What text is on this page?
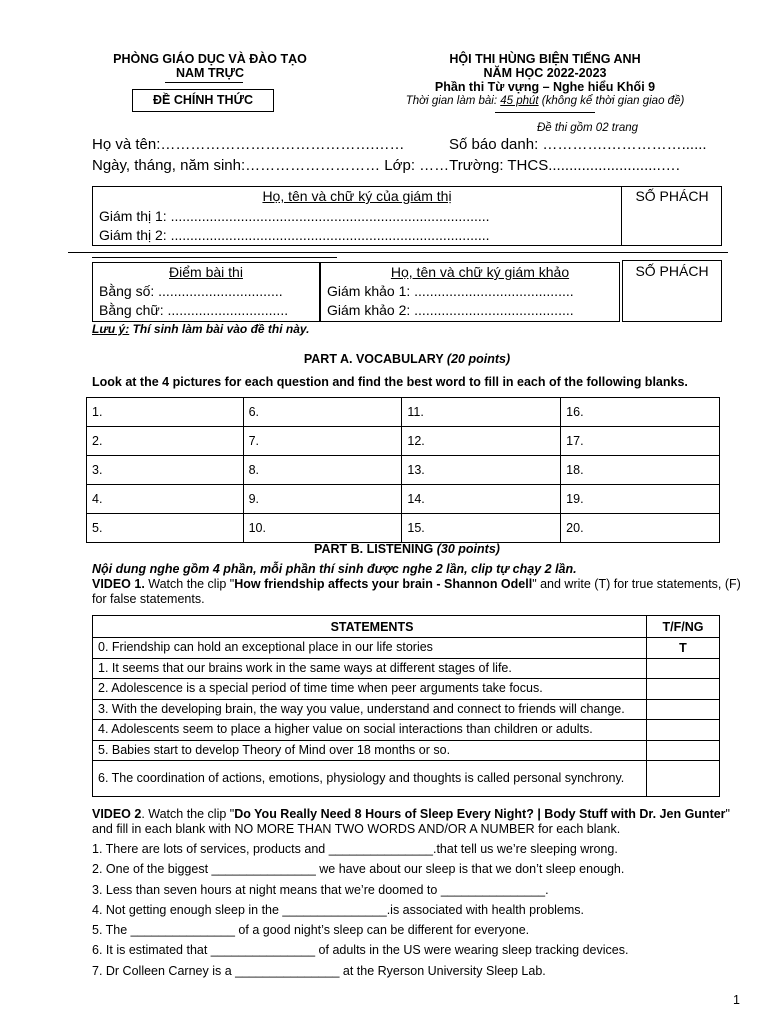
PHÒNG GIÁO DỤC VÀ ĐÀO TẠO
NAM TRỰC
ĐỀ CHÍNH THỨC
HỘI THI HÙNG BIỆN TIẾNG ANH
NĂM HỌC 2022-2023
Phần thi Từ vựng – Nghe hiểu Khối 9
Thời gian làm bài: 45 phút (không kể thời gian giao đề)
Đề thi gồm 02 trang
Họ và tên:…………………………………….……	Số báo danh: ………….……………......
Ngày, tháng, năm sinh:……………………… Lớp: ……Trường: THCS...........................….
Họ, tên và chữ ký của giám thị	SỐ PHÁCH
Giám thị 1: ..................................................................................
Giám thị 2: ..................................................................................
Điểm bài thi
Bằng số: ................................
Bằng chữ: ...............................
Họ, tên và chữ ký giám khảo
Giám khảo 1: .........................................
Giám khảo 2: .........................................
SỐ PHÁCH
Lưu ý: Thí sinh làm bài vào đề thi này.
PART A. VOCABULARY (20 points)
Look at the 4 pictures for each question and find the best word to fill in each of the following blanks.
1.	6.	11.	16.
2.	7.	12.	17.
3.	8.	13.	18.
4.	9.	14.	19.
5.	10.	15.	20.
PART B. LISTENING (30 points)
Nội dung nghe gồm 4 phần, mỗi phần thí sinh được nghe 2 lần, clip tự chạy 2 lần.
VIDEO 1. Watch the clip "How friendship affects your brain - Shannon Odell" and write (T) for true statements, (F) for false statements.
STATEMENTS	T/F/NG
0. Friendship can hold an exceptional place in our life stories	T
1. It seems that our brains work in the same ways at different stages of life.	
2. Adolescence is a special period of time time when peer arguments take focus.	
3. With the developing brain, the way you value, understand and connect to friends will change.	
4. Adolescents seem to place a higher value on social interactions than children or adults.	
5. Babies start to develop Theory of Mind over 18 months or so.	
6. The coordination of actions, emotions, physiology and thoughts is called personal synchrony.	
VIDEO 2. Watch the clip "Do You Really Need 8 Hours of Sleep Every Night? | Body Stuff with Dr. Jen Gunter" and fill in each blank with NO MORE THAN TWO WORDS AND/OR A NUMBER for each blank.
1. There are lots of services, products and _______________.that tell us we’re sleeping wrong.
2. One of the biggest _______________ we have about our sleep is that we don’t sleep enough.
3. Less than seven hours at night means that we’re doomed to _______________.
4. Not getting enough sleep in the _______________.is associated with health problems.
5. The _______________ of a good night’s sleep can be different for everyone.
6. It is estimated that _______________ of adults in the US were wearing sleep tracking devices.
7. Dr Colleen Carney is a _______________ at the Ryerson University Sleep Lab.
1
